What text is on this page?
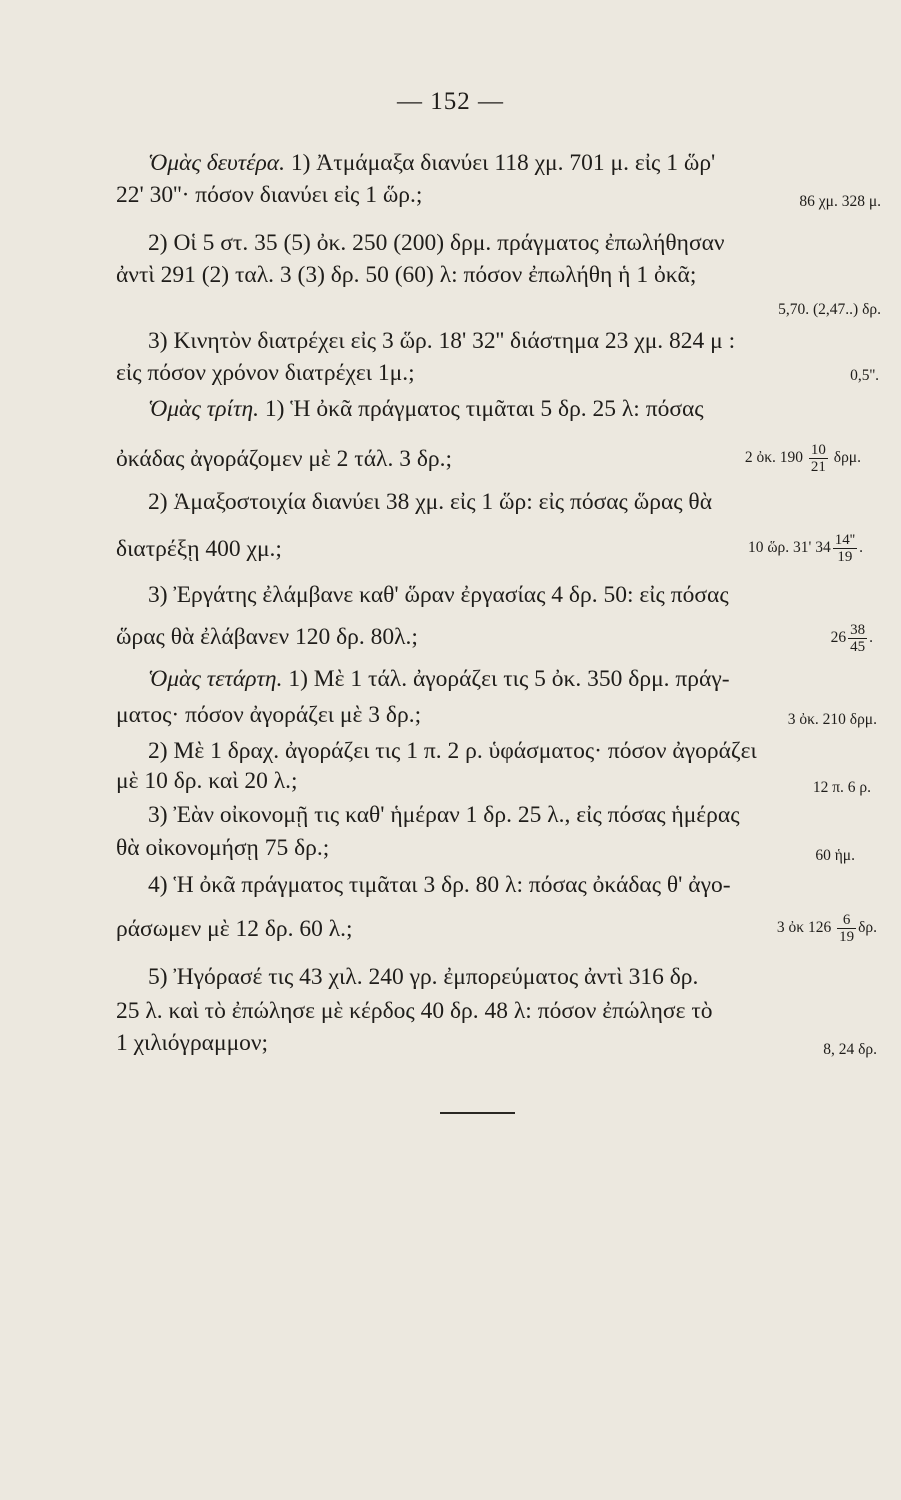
— 152 —
Ὁμὰς δευτέρα. 1) Ἀτμάμαξα διανύει 118 χμ. 701 μ. εἰς 1 ὥρ'
22' 30''· πόσον διανύει εἰς 1 ὥρ.;	86 χμ. 328 μ.
2) Οἱ 5 στ. 35 (5) ὀκ. 250 (200) δρμ. πράγματος ἐπωλήθησαν
ἀντὶ 291 (2) ταλ. 3 (3) δρ. 50 (60) λ: πόσον ἐπωλήθη ἡ 1 ὀκᾶ;
5,70. (2,47..) δρ.
3) Κινητὸν διατρέχει εἰς 3 ὥρ. 18' 32'' διάστημα 23 χμ. 824 μ :
εἰς πόσον χρόνον διατρέχει 1μ.;	0,5''.
Ὁμὰς τρίτη. 1) Ἡ ὀκᾶ πράγματος τιμᾶται 5 δρ. 25 λ: πόσας
ὀκάδας ἀγοράζομεν μὲ 2 τάλ. 3 δρ.;	2 ὀκ. $190 \frac{10}{21} \delta\rho\mu$.
2) Ἁμαξοστοιχία διανύει 38 χμ. εἰς 1 ὥρ: εἰς πόσας ὥρας θὰ
διατρέξῃ 400 χμ.;	10 ὥρ. 31' $34 \frac{14''}{19}$ .
3) Ἐργάτης ἐλάμβανε καθ' ὥραν ἐργασίας 4 δρ. 50: εἰς πόσας
ὥρας θὰ ἐλάβανεν 120 δρ. 80λ.;	$26 \frac{38}{45}$ .
Ὁμὰς τετάρτη. 1) Μὲ 1 τάλ. ἀγοράζει τις 5 ὀκ. 350 δρμ. πράγ-
ματος· πόσον ἀγοράζει μὲ 3 δρ.;	3 ὀκ. 210 δρμ.
2) Μὲ 1 δραχ. ἀγοράζει τις 1 π. 2 ρ. ὑφάσματος· πόσον ἀγοράζει
μὲ 10 δρ. καὶ 20 λ.;	12 π. 6 ρ.
3) Ἐὰν οἰκονομῇ τις καθ' ἡμέραν 1 δρ. 25 λ., εἰς πόσας ἡμέρας
θὰ οἰκονομήσῃ 75 δρ.;	60 ἡμ.
4) Ἡ ὀκᾶ πράγματος τιμᾶται 3 δρ. 80 λ: πόσας ὀκάδας θ' ἀγο-
ράσωμεν μὲ 12 δρ. 60 λ.;	3 ὀκ $126 \frac{6}{19} \delta\rho$.
5) Ἠγόρασέ τις 43 χιλ. 240 γρ. ἐμπορεύματος ἀντὶ 316 δρ.
25 λ. καὶ τὸ ἐπώλησε μὲ κέρδος 40 δρ. 48 λ: πόσον ἐπώλησε τὸ
1 χιλιόγραμμον;	8, 24 δρ.
